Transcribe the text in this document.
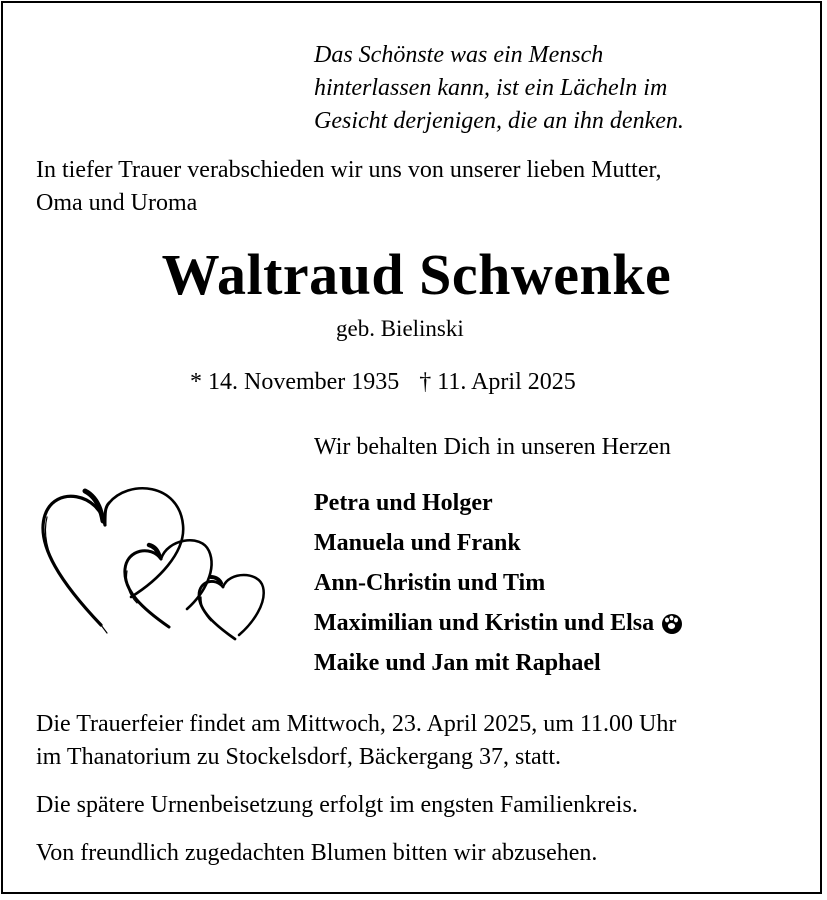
Das Schönste was ein Mensch
hinterlassen kann, ist ein Lächeln im
Gesicht derjenigen, die an ihn denken.
In tiefer Trauer verabschieden wir uns von unserer lieben Mutter,
Oma und Uroma
Waltraud Schwenke
geb. Bielinski
* 14. November 1935 † 11. April 2025
Wir behalten Dich in unseren Herzen
Petra und Holger
Manuela und Frank
Ann-Christin und Tim
Maximilian und Kristin und Elsa
Maike und Jan mit Raphael
Die Trauerfeier findet am Mittwoch, 23. April 2025, um 11.00 Uhr
im Thanatorium zu Stockelsdorf, Bäckergang 37, statt.
Die spätere Urnenbeisetzung erfolgt im engsten Familienkreis.
Von freundlich zugedachten Blumen bitten wir abzusehen.
